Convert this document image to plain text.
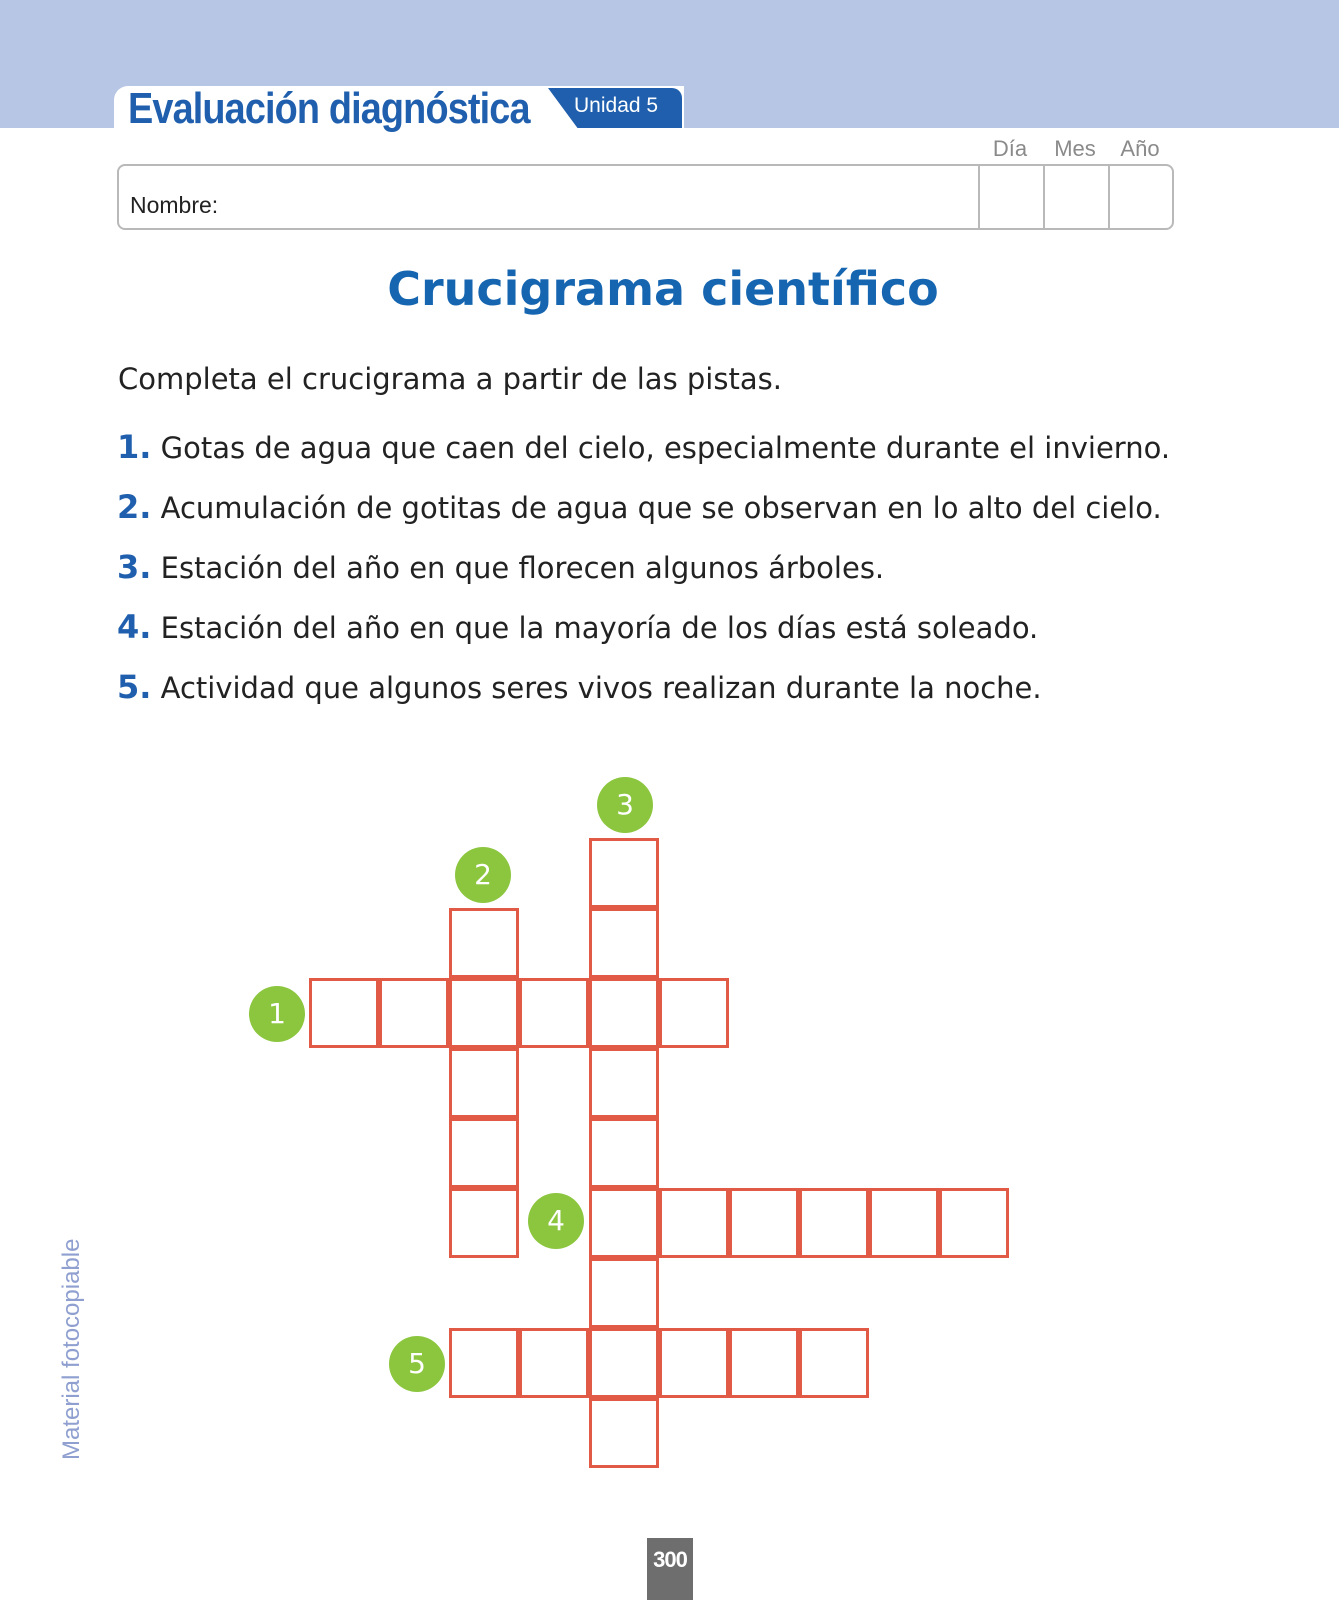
Evaluación diagnóstica Unidad 5
Día	Mes	Año
Nombre:
Crucigrama científico
Completa el crucigrama a partir de las pistas.
1. Gotas de agua que caen del cielo, especialmente durante el invierno.
2. Acumulación de gotitas de agua que se observan en lo alto del cielo.
3. Estación del año en que florecen algunos árboles.
4. Estación del año en que la mayoría de los días está soleado.
5. Actividad que algunos seres vivos realizan durante la noche.
1
2
3
4
5
Material fotocopiable
300
